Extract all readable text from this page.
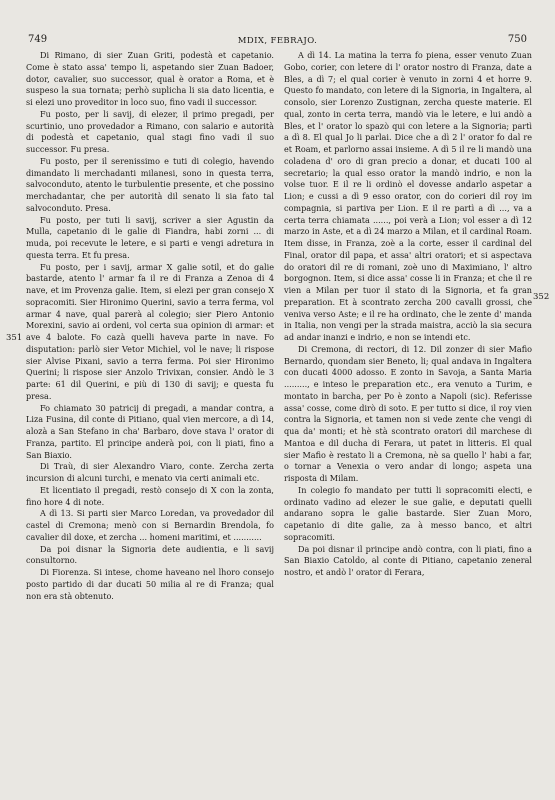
749	MDIX, FEBRAJO.	750
351
352

Di Rimano, di sier Zuan Griti, podestà et capetanio. Come è stato assa' tempo li, aspetando sier Zuan Badoer, dotor, cavalier, suo successor, qual è orator a Roma, et è suspeso la sua tornata; perhò suplicha li sia dato licentia, e si elezi uno proveditor in loco suo, fino vadi il successor.

Fu posto, per li savij, di elezer, il primo pregadi, per scurtinio, uno provedador a Rimano, con salario e autorità di podestà et capetanio, qual stagi fino vadi il suo successor. Fu presa.

Fu posto, per il serenissimo e tuti di colegio, havendo dimandato li merchadanti milanesi, sono in questa terra, salvoconduto, atento le turbulentie presente, et che possino merchadantar, che per autorità dil senato li sia fato tal salvoconduto. Presa.

Fu posto, per tuti li savij, scriver a sier Agustin da Mulla, capetanio di le galie di Fiandra, habi zorni ... di muda, poi recevute le letere, e si parti e vengi adretura in questa terra. Et fu presa.

Fu posto, per i savij, armar X galie sotil, et do galie bastarde, atento l' armar fa il re di Franza a Zenoa di 4 nave, et im Provenza galie. Item, si elezi per gran consejo X sopracomiti. Sier Hironimo Querini, savio a terra ferma, vol armar 4 nave, qual parerà al colegio; sier Piero Antonio Morexini, savio ai ordeni, vol certa sua opinion di armar: et ave 4 balote. Fo cazà quelli haveva parte in nave. Fo disputation: parlò sier Vetor Michiel, vol le nave; li rispose sier Alvise Pixani, savio a terra ferma. Poi sier Hironimo Querini; li rispose sier Anzolo Trivixan, consier. Andò le 3 parte: 61 dil Querini, e più di 130 di savij; e questa fu presa.

Fo chiamato 30 patricij di pregadi, a mandar contra, a Liza Fusina, dil conte di Pitiano, qual vien mercore, a dì 14, alozà a San Stefano in cha' Barbaro, dove stava l' orator di Franza, partito. El principe anderà poi, con li piati, fino a San Biaxio.

Di Traù, di sier Alexandro Viaro, conte. Zercha zerta incursion di alcuni turchi, e menato via certi animali etc.

Et licentiato il pregadi, restò consejo di X con la zonta, fino hore 4 di note.

A dì 13. Si parti sier Marco Loredan, va provedador dil castel di Cremona; menò con si Bernardin Brendola, fo cavalier dil doxe, et zercha ... homeni maritimi, et ...........

Da poi disnar la Signoria dete audientia, e li savij consultorno.

Di Fiorenza. Si intese, chome haveano nel lhoro consejo posto partido di dar ducati 50 milia al re di Franza; qual non era stà obtenuto.

A dì 14. La matina la terra fo piena, esser venuto Zuan Gobo, corier, con letere di l' orator nostro di Franza, date a Bles, a dì 7; el qual corier è venuto in zorni 4 et horre 9. Questo fo mandato, con letere di la Signoria, in Ingaltera, al consolo, sier Lorenzo Zustignan, zercha queste materie. El qual, zonto in certa terra, mandò via le letere, e lui andò a Bles, et l' orator lo spazò qui con letere a la Signoria; partì a dì 8. El qual Jo li parlai. Dice che a dì 2 l' orator fo dal re et Roam, et parlorno assai insieme. A dì 5 il re li mandò una coladena d' oro di gran precio a donar, et ducati 100 al secretario; la qual esso orator la mandò indrio, e non la volse tuor. E il re li ordinò el dovesse andarlo aspetar a Lion; e cussi a dì 9 esso orator, con do corieri dil roy im compagnia, si partiva per Lion. E il re partì a dì ..., va a certa terra chiamata ......, poi verà a Lion; vol esser a dì 12 marzo in Aste, et a dì 24 marzo a Milan, et il cardinal Roam. Item disse, in Franza, zoè a la corte, esser il cardinal del Final, orator dil papa, et assa' altri oratori; et si aspectava do oratori dil re di romani, zoè uno di Maximiano, l' altro borgognon. Item, si dice assa' cosse li in Franza; et che il re vien a Milan per tuor il stato di la Signoria, et fa gran preparation. Et à scontrato zercha 200 cavalli grossi, che veniva verso Aste; e il re ha ordinato, che le zente d' manda in Italia, non vengi per la strada maistra, acciò la sia secura ad andar inanzi e indrio, e non se intendi etc.

Di Cremona, di rectori, di 12. Dil zonzer di sier Mafio Bernardo, quondam sier Beneto, li; qual andava in Ingaltera con ducati 4000 adosso. E zonto in Savoja, a Santa Maria ........., e inteso le preparation etc., era venuto a Turim, e montato in barcha, per Po è zonto a Napoli (sic). Referisse assa' cosse, come dirò di soto. E per tutto si dice, il roy vien contra la Signoria, et tamen non si vede zente che vengi di qua da' monti; et hè stà scontrato oratori dil marchese di Mantoa e dil ducha di Ferara, ut patet in litteris. El qual sier Mafio è restato li a Cremona, nè sa quello l' habi a far, o tornar a Venexia o vero andar di longo; aspeta una risposta di Milam.

In colegio fo mandato per tutti li sopracomiti electi, e ordinato vadino ad elezer le sue galie, e deputati quelli andarano sopra le galie bastarde. Sier Zuan Moro, capetanio di dite galie, za à messo banco, et altri sopracomiti.

Da poi disnar il principe andò contra, con li piati, fino a San Biaxio Catoldo, al conte di Pitiano, capetanio zeneral nostro, et andò l' orator di Ferara,
